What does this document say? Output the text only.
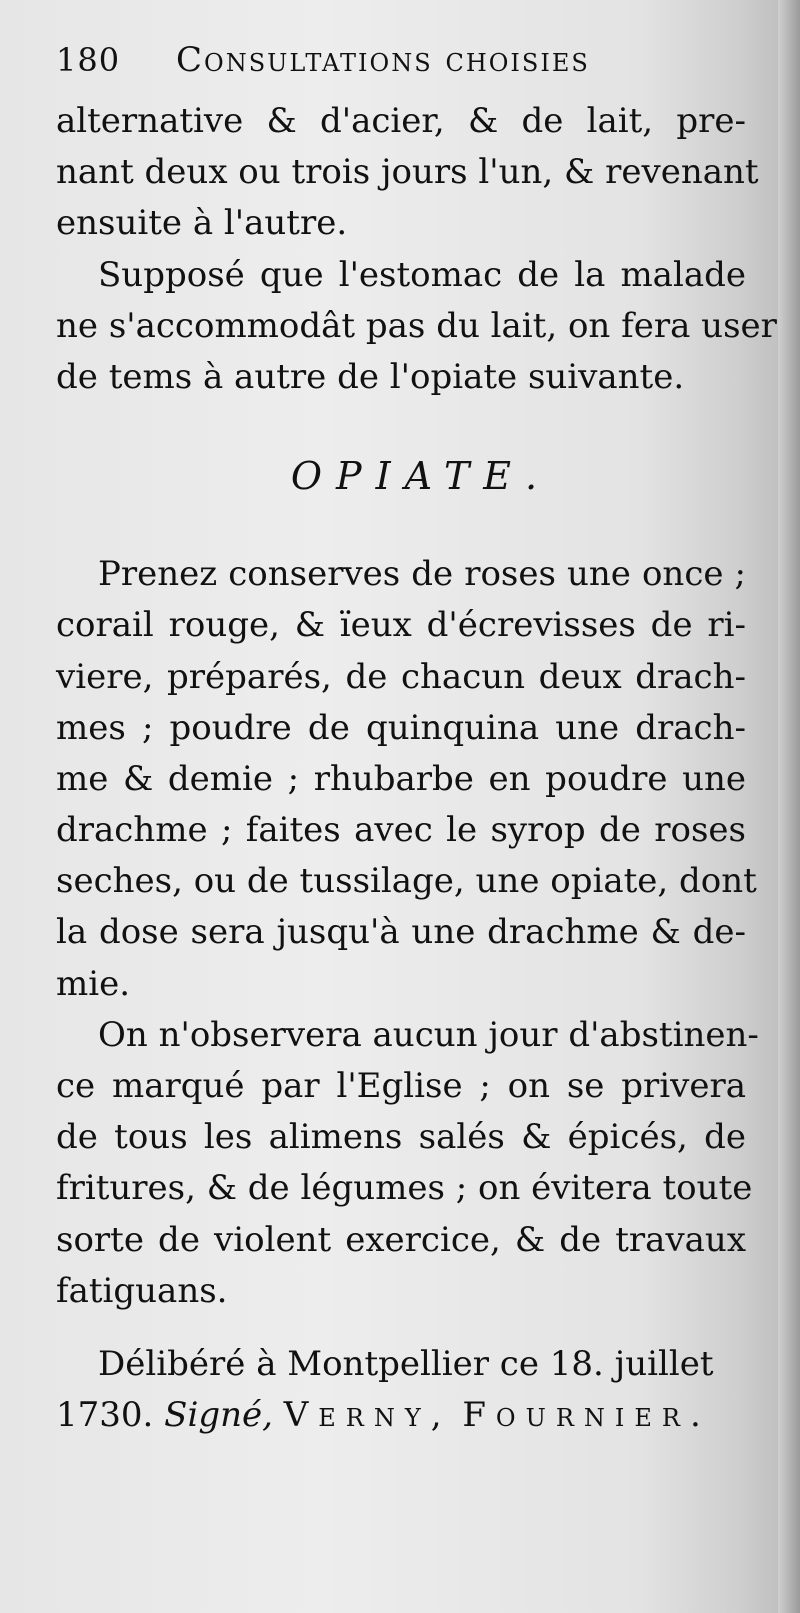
180	Consultations choisies
alternative & d'acier, & de lait, pre-
nant deux ou trois jours l'un, & revenant
ensuite à l'autre.
Supposé que l'estomac de la malade
ne s'accommodât pas du lait, on fera user
de tems à autre de l'opiate suivante.
OPIATE.
Prenez conserves de roses une once ;
corail rouge, & ïeux d'écrevisses de ri-
viere, préparés, de chacun deux drach-
mes ; poudre de quinquina une drach-
me & demie ; rhubarbe en poudre une
drachme ; faites avec le syrop de roses
seches, ou de tussilage, une opiate, dont
la dose sera jusqu'à une drachme & de-
mie.
On n'observera aucun jour d'abstinen-
ce marqué par l'Eglise ; on se privera
de tous les alimens salés & épicés, de
fritures, & de légumes ; on évitera toute
sorte de violent exercice, & de travaux
fatiguans.
Délibéré à Montpellier ce 18. juillet
1730. Signé, Verny, Fournier.
